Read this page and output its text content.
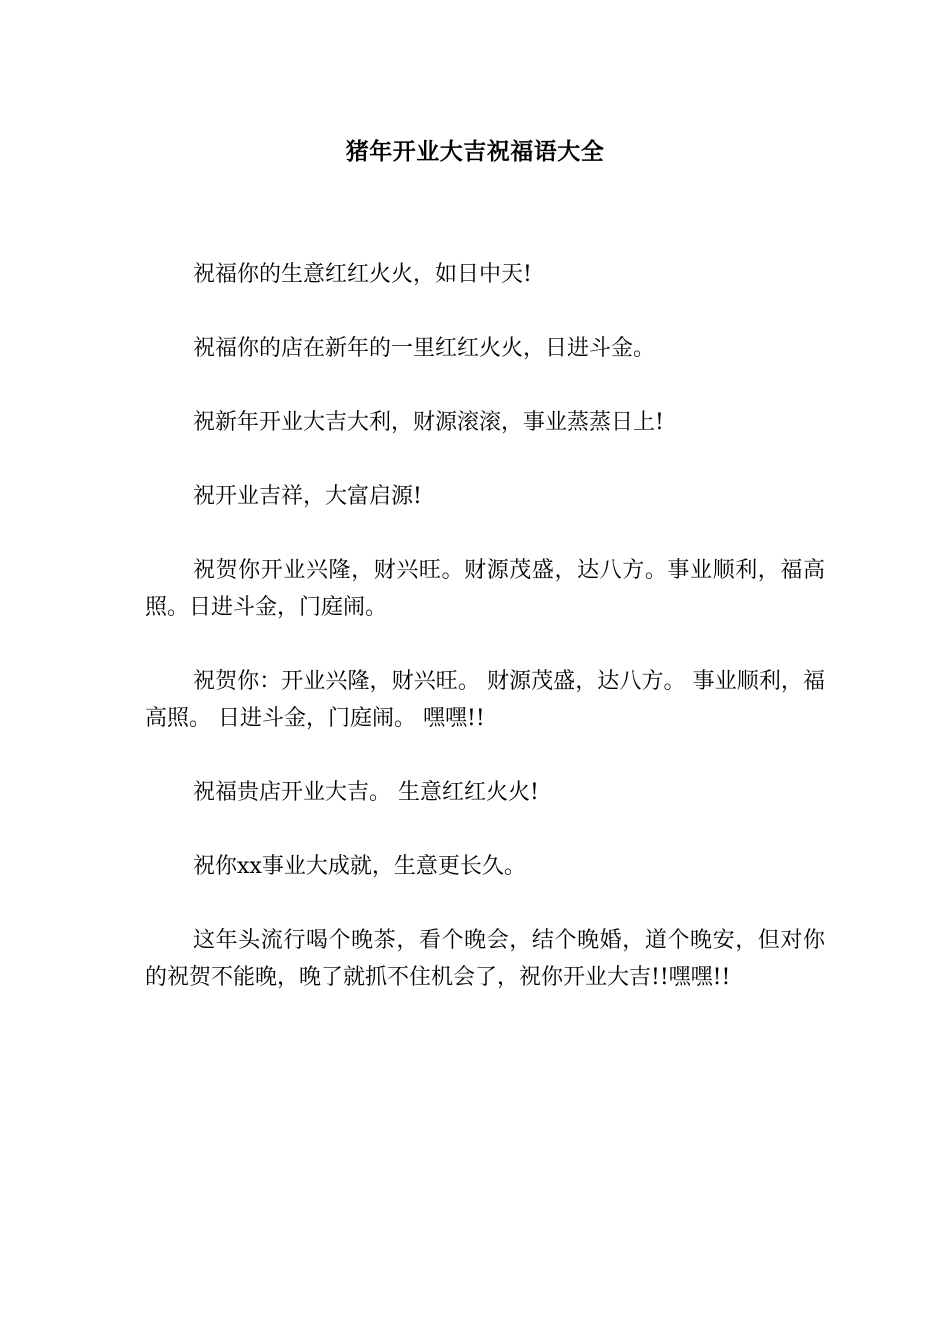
猪年开业大吉祝福语大全

祝福你的生意红红火火，如日中天!

祝福你的店在新年的一里红红火火，日进斗金。

祝新年开业大吉大利，财源滚滚，事业蒸蒸日上!

祝开业吉祥，大富启源!

祝贺你开业兴隆，财兴旺。财源茂盛，达八方。事业顺利，福高照。日进斗金，门庭闹。

祝贺你：开业兴隆，财兴旺。 财源茂盛，达八方。 事业顺利，福高照。 日进斗金，门庭闹。 嘿嘿!!

祝福贵店开业大吉。 生意红红火火!

祝你xx事业大成就，生意更长久。

这年头流行喝个晚茶，看个晚会，结个晚婚，道个晚安，但对你的祝贺不能晚，晚了就抓不住机会了，祝你开业大吉!!嘿嘿!!
